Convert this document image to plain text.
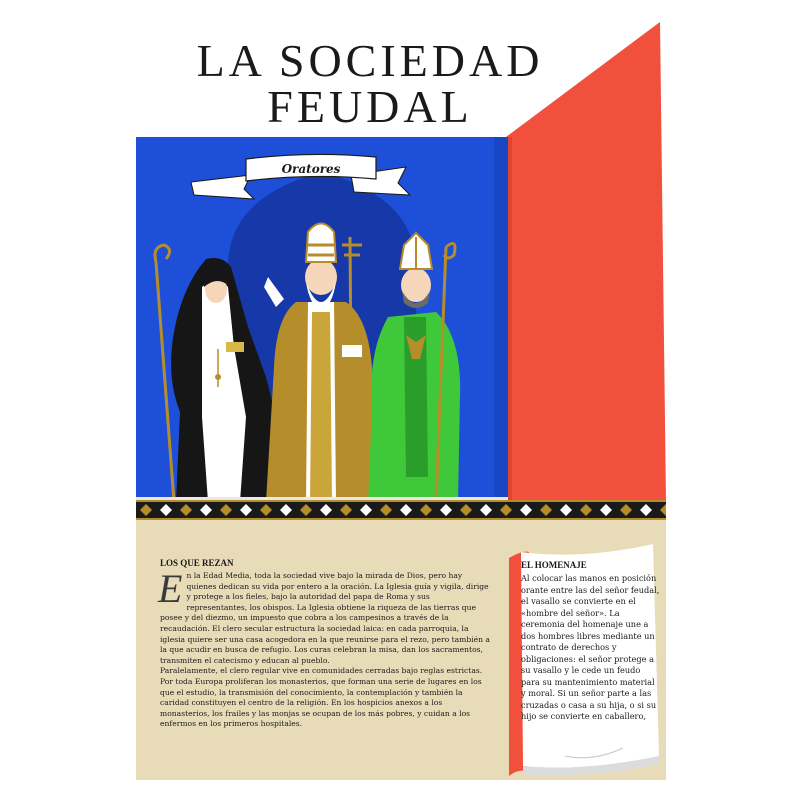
LA SOCIEDAD
FEUDAL
Oratores
LOS QUE REZAN

En la Edad Media, toda la sociedad vive bajo la mirada de Dios, pero hay quienes dedican su vida por entero a la oración. La Iglesia guía y vigila, dirige y protege a los fieles, bajo la autoridad del papa de Roma y sus representantes, los obispos. La Iglesia obtiene la riqueza de las tierras que posee y del diezmo, un impuesto que cobra a los campesinos a través de la recaudación. El clero secular estructura la sociedad laica: en cada parroquia, la iglesia quiere ser una casa acogedora en la que reunirse para el rezo, pero también a la que acudir en busca de refugio. Los curas celebran la misa, dan los sacramentos, transmiten el catecismo y educan al pueblo.

Paralelamente, el clero regular vive en comunidades cerradas bajo reglas estrictas. Por toda Europa proliferan los monasterios, que forman una serie de lugares en los que el estudio, la transmisión del conocimiento, la contemplación y también la caridad constituyen el centro de la religión. En los hospicios anexos a los monasterios, los frailes y las monjas se ocupan de los más pobres, y cuidan a los enfermos en los primeros hospitales.

EL HOMENAJE

Al colocar las manos en posición orante entre las del señor feudal, el vasallo se convierte en el «hombre del señor». La ceremonia del homenaje une a dos hombres libres mediante un contrato de derechos y obligaciones: el señor protege a su vasallo y le cede un feudo para su mantenimiento material y moral. Si un señor parte a las cruzadas o casa a su hija, o si su hijo se convierte en caballero,
